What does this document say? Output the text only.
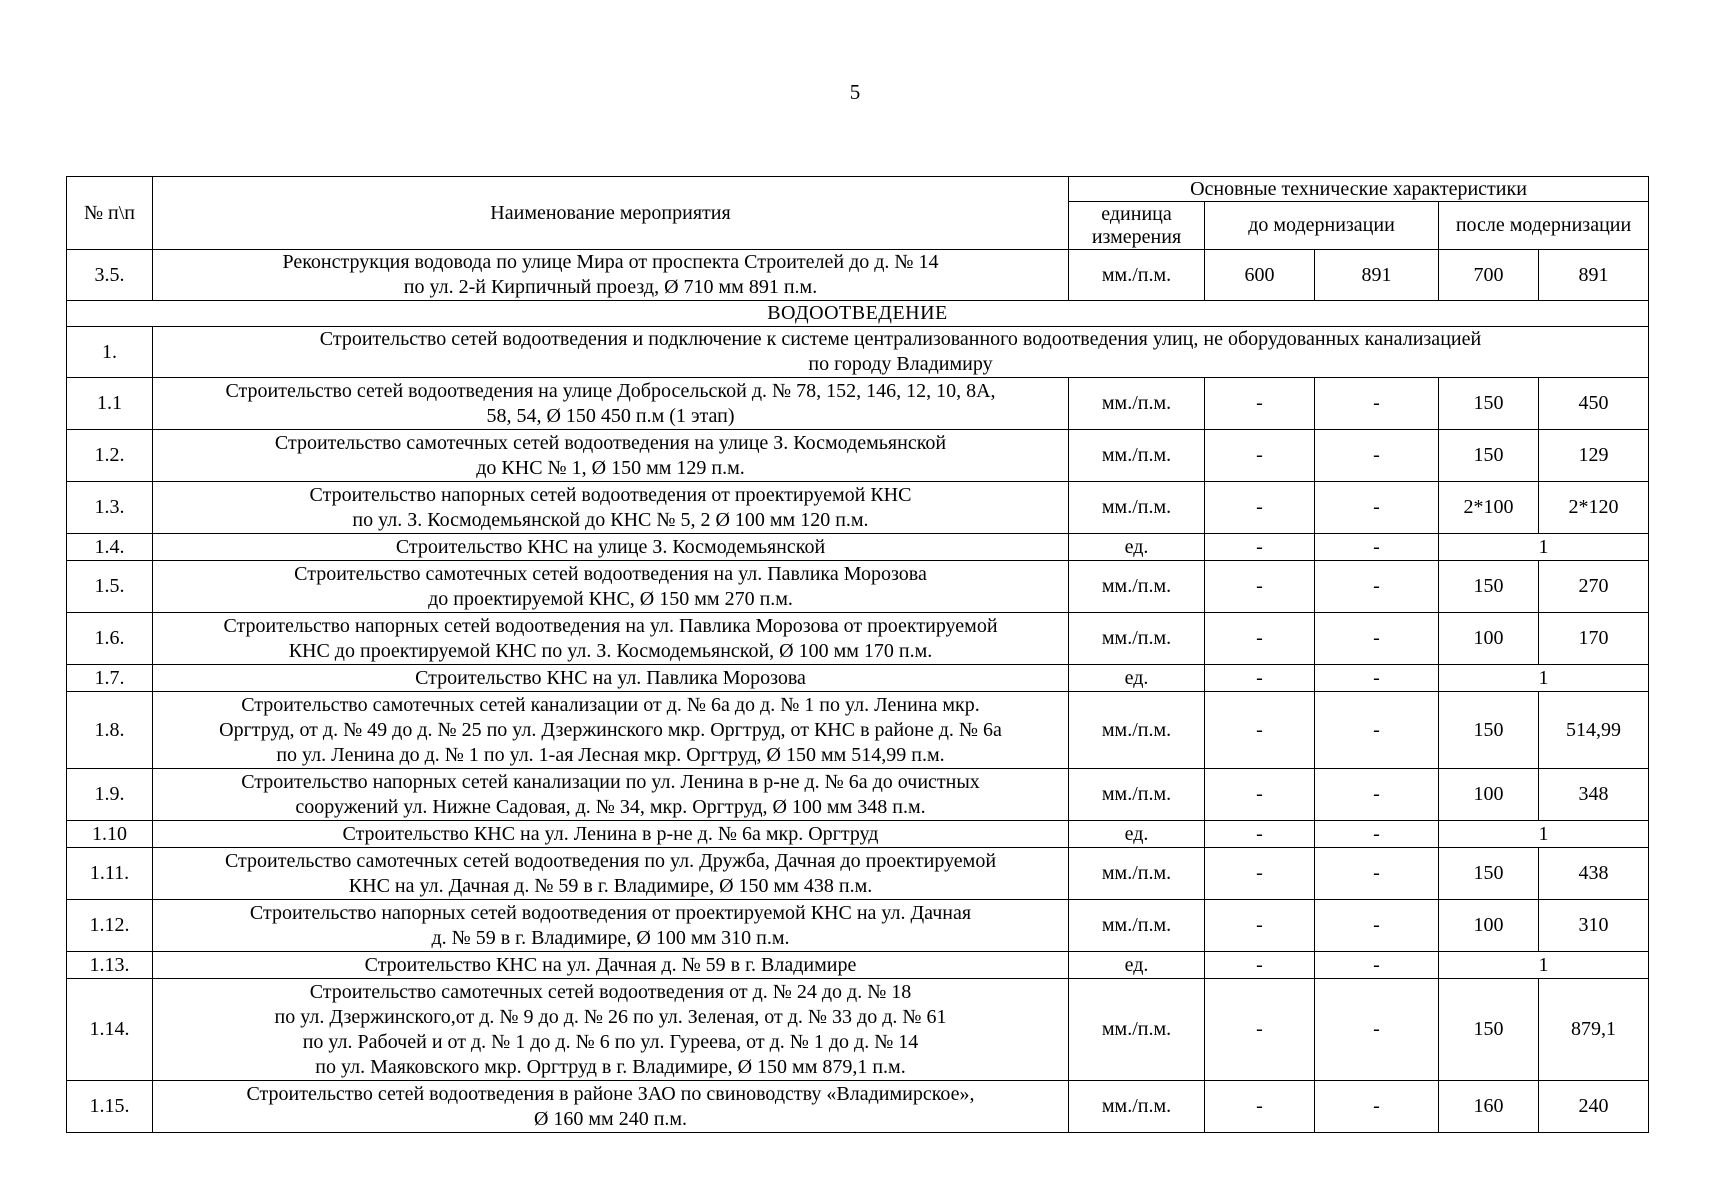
5
№ п\п	Наименование мероприятия	Основные технические характеристики				
		единица измерения	до модернизации		после модернизации	
3.5.	Реконструкция водовода по улице Мира от проспекта Строителей до д. № 14
по ул. 2-й Кирпичный проезд, Ø 710 мм 891 п.м.	мм./п.м.	600	891	700	891
ВОДООТВЕДЕНИЕ						
1.	Строительство сетей водоотведения и подключение к системе централизованного водоотведения улиц, не оборудованных канализацией
по городу Владимиру					

1.1	Строительство сетей водоотведения на улице Добросельской д. № 78, 152, 146, 12, 10, 8А,
58, 54, Ø 150 450 п.м (1 этап)	мм./п.м.	-	-	150	450
1.2.	Строительство самотечных сетей водоотведения на улице З. Космодемьянской
до КНС № 1, Ø 150 мм 129 п.м.	мм./п.м.	-	-	150	129
1.3.	Строительство напорных сетей водоотведения от проектируемой КНС
по ул. З. Космодемьянской до КНС № 5, 2 Ø 100 мм 120 п.м.	мм./п.м.	-	-	2*100	2*120
1.4.	Строительство КНС на улице З. Космодемьянской	ед.	-	-	1	
1.5.	Строительство самотечных сетей водоотведения на ул. Павлика Морозова
до проектируемой КНС, Ø 150 мм 270 п.м.	мм./п.м.	-	-	150	270
1.6.	Строительство напорных сетей водоотведения на ул. Павлика Морозова от проектируемой
КНС до проектируемой КНС по ул. З. Космодемьянской, Ø 100 мм 170 п.м.	мм./п.м.	-	-	100	170
1.7.	Строительство КНС на ул. Павлика Морозова	ед.	-	-	1	
1.8.	Строительство самотечных сетей канализации от д. № 6а до д. № 1 по ул. Ленина мкр.
Оргтруд, от д. № 49 до д. № 25 по ул. Дзержинского мкр. Оргтруд, от КНС в районе д. № 6а
по ул. Ленина до д. № 1 по ул. 1-ая Лесная мкр. Оргтруд, Ø 150 мм 514,99 п.м.	мм./п.м.	-	-	150	514,99
1.9.	Строительство напорных сетей канализации по ул. Ленина в р-не д. № 6а до очистных
сооружений ул. Нижне Садовая, д. № 34, мкр. Оргтруд, Ø 100 мм 348 п.м.	мм./п.м.	-	-	100	348
1.10	Строительство КНС на ул. Ленина в р-не д. № 6а мкр. Оргтруд	ед.	-	-	1	
1.11.	Строительство самотечных сетей водоотведения по ул. Дружба, Дачная до проектируемой
КНС на ул. Дачная д. № 59 в г. Владимире, Ø 150 мм 438 п.м.	мм./п.м.	-	-	150	438
1.12.	Строительство напорных сетей водоотведения от проектируемой КНС на ул. Дачная
д. № 59 в г. Владимире, Ø 100 мм 310 п.м.	мм./п.м.	-	-	100	310
1.13.	Строительство КНС на ул. Дачная д. № 59 в г. Владимире	ед.	-	-	1	
1.14.	Строительство самотечных сетей водоотведения от д. № 24 до д. № 18
по ул. Дзержинского,от д. № 9 до д. № 26 по ул. Зеленая, от д. № 33 до д. № 61
по ул. Рабочей и от д. № 1 до д. № 6 по ул. Гуреева, от д. № 1 до д. № 14
по ул. Маяковского мкр. Оргтруд в г. Владимире, Ø 150 мм 879,1 п.м.	мм./п.м.	-	-	150	879,1
1.15.	Строительство сетей водоотведения в районе ЗАО по свиноводству «Владимирское»,
Ø 160 мм 240 п.м.	мм./п.м.	-	-	160	240
